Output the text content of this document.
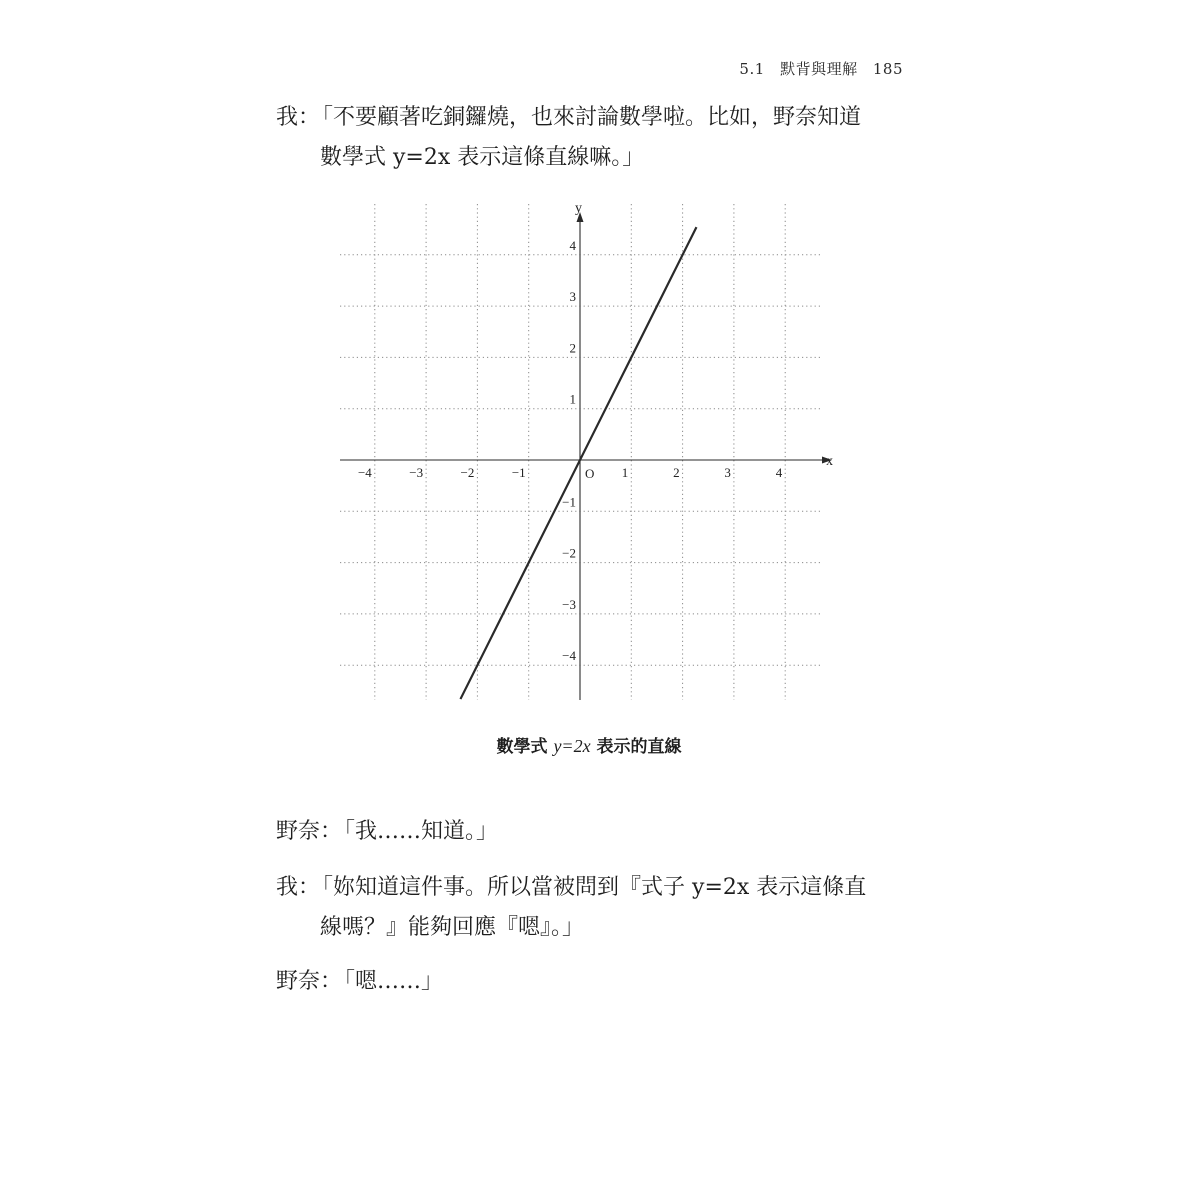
5.1 默背與理解 185
我：「不要顧著吃銅鑼燒，也來討論數學啦。比如，野奈知道
數學式 y=2x 表示這條直線嘛。」
x
y
O
−4	−3	−2	−1	1	2	3	4
−4
−3
−2
−1
1
2
3
4
數學式 y=2x 表示的直線
野奈：「我……知道。」
我：「妳知道這件事。所以當被問到『式子 y=2x 表示這條直
線嗎？』能夠回應『嗯』。」
野奈：「嗯……」
